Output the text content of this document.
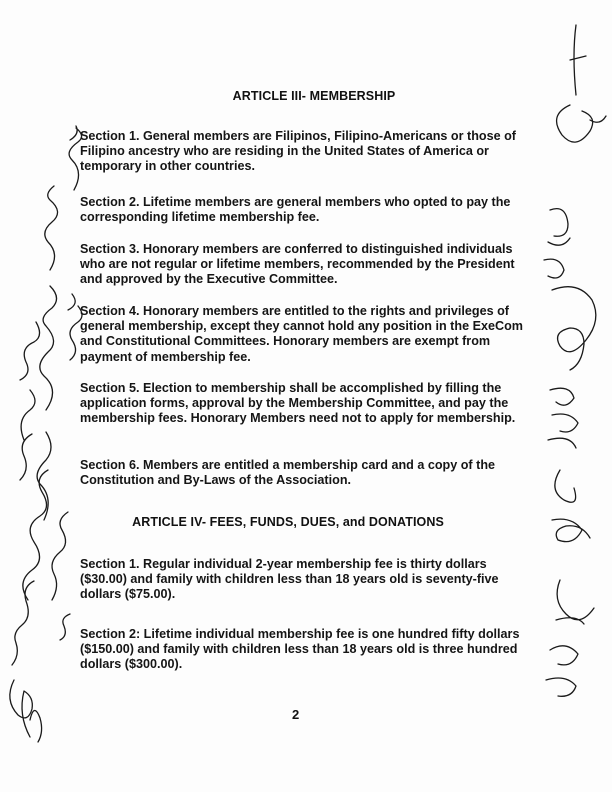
ARTICLE III- MEMBERSHIP
Section 1. General members are Filipinos, Filipino-Americans or those of Filipino ancestry who are residing in the United States of America or temporary in other countries.
Section 2. Lifetime members are general members who opted to pay the corresponding lifetime membership fee.
Section 3. Honorary members are conferred to distinguished individuals who are not regular or lifetime members, recommended by the President and approved by the Executive Committee.
Section 4. Honorary members are entitled to the rights and privileges of general membership, except they cannot hold any position in the ExeCom and Constitutional Committees. Honorary members are exempt from payment of membership fee.
Section 5. Election to membership shall be accomplished by filling the application forms, approval by the Membership Committee, and pay the membership fees. Honorary Members need not to apply for membership.
Section 6. Members are entitled a membership card and a copy of the Constitution and By-Laws of the Association.
ARTICLE IV- FEES, FUNDS, DUES, and DONATIONS
Section 1. Regular individual 2-year membership fee is thirty dollars ($30.00) and family with children less than 18 years old is seventy-five dollars ($75.00).
Section 2: Lifetime individual membership fee is one hundred fifty dollars ($150.00) and family with children less than 18 years old is three hundred dollars ($300.00).
2
